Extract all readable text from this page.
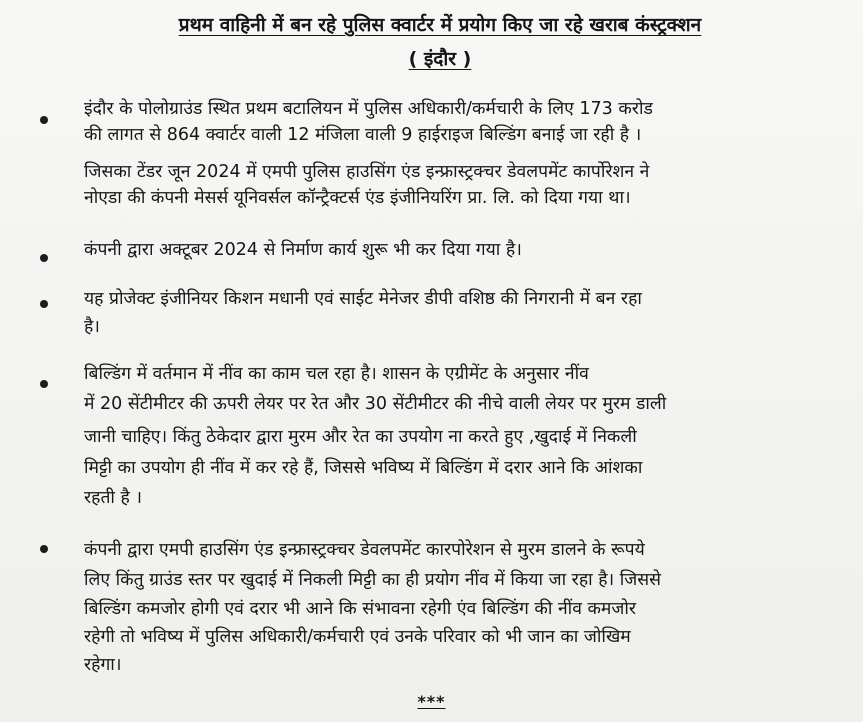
प्रथम वाहिनी में बन रहे पुलिस क्वार्टर में प्रयोग किए जा रहे खराब कंस्ट्रक्शन
( इंदौर )
इंदौर के पोलोग्राउंड स्थित प्रथम बटालियन में पुलिस अधिकारी/कर्मचारी के लिए 173 करोड
की लागत से 864 क्वार्टर वाली 12 मंजिला वाली 9 हाईराइज बिल्डिंग बनाई जा रही है ।
जिसका टेंडर जून 2024 में एमपी पुलिस हाउसिंग एंड इन्फ्रास्ट्रक्चर डेवलपमेंट कार्पोरेशन ने
नोएडा की कंपनी मेसर्स यूनिवर्सल कॉन्ट्रैक्टर्स एंड इंजीनियरिंग प्रा. लि. को दिया गया था।
कंपनी द्वारा अक्टूबर 2024 से निर्माण कार्य शुरू भी कर दिया गया है।
यह प्रोजेक्ट इंजीनियर किशन मधानी एवं साईट मेनेजर डीपी वशिष्ठ की निगरानी में बन रहा
है।
बिल्डिंग में वर्तमान में नींव का काम चल रहा है। शासन के एग्रीमेंट के अनुसार नींव
में 20 सेंटीमीटर की ऊपरी लेयर पर रेत और 30 सेंटीमीटर की नीचे वाली लेयर पर मुरम डाली
जानी चाहिए। किंतु ठेकेदार द्वारा मुरम और रेत का उपयोग ना करते हुए ,खुदाई में निकली
मिट्टी का उपयोग ही नींव में कर रहे हैं, जिससे भविष्य में बिल्डिंग में दरार आने कि आंशका
रहती है ।
कंपनी द्वारा एमपी हाउसिंग एंड इन्फ्रास्ट्रक्चर डेवलपमेंट कारपोरेशन से मुरम डालने के रूपये
लिए किंतु ग्राउंड स्तर पर खुदाई में निकली मिट्टी का ही प्रयोग नींव में किया जा रहा है। जिससे
बिल्डिंग कमजोर होगी एवं दरार भी आने कि संभावना रहेगी एंव बिल्डिंग की नींव कमजोर
रहेगी तो भविष्य में पुलिस अधिकारी/कर्मचारी एवं उनके परिवार को भी जान का जोखिम
रहेगा।
***
